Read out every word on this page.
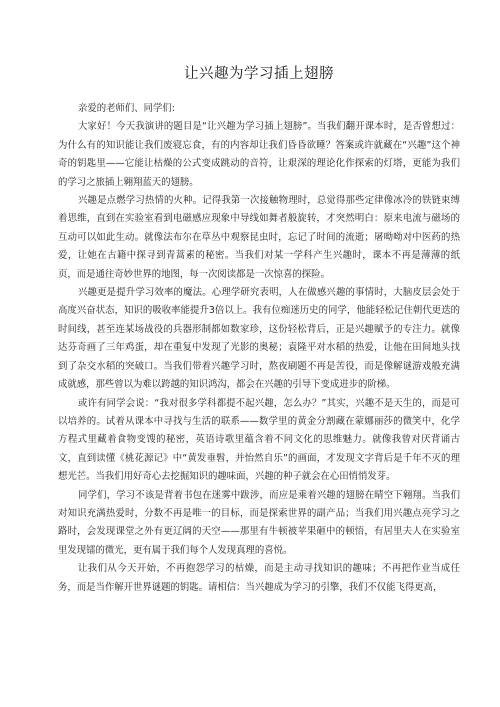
让兴趣为学习插上翅膀

亲爱的老师们、同学们:

大家好！今天我演讲的题目是“让兴趣为学习插上翅膀”。当我们翻开课本时，是否曾想过：为什么有的知识能让我们废寝忘食，有的内容却让我们昏昏欲睡？答案或许就藏在“兴趣”这个神奇的钥匙里——它能让枯燥的公式变成跳动的音符，让艰深的理论化作探索的灯塔，更能为我们的学习之旅插上翱翔蓝天的翅膀。

兴趣是点燃学习热情的火种。记得我第一次接触物理时，总觉得那些定律像冰冷的铁链束缚着思维，直到在实验室看到电磁感应现象中导线如舞者般旋转，才突然明白：原来电流与磁场的互动可以如此生动。就像法布尔在草丛中观察昆虫时，忘记了时间的流逝；屠呦呦对中医药的热爱，让她在古籍中探寻到青蒿素的秘密。当我们对某一学科产生兴趣时，课本不再是薄薄的纸页，而是通往奇妙世界的地图，每一次阅读都是一次惊喜的探险。

兴趣更是提升学习效率的魔法。心理学研究表明，人在做感兴趣的事情时，大脑皮层会处于高度兴奋状态，知识的吸收率能提升3倍以上。我有位痴迷历史的同学，他能轻松记住朝代更迭的时间线，甚至连某场战役的兵器形制都如数家珍，这份轻松背后，正是兴趣赋予的专注力。就像达芬奇画了三年鸡蛋，却在重复中发现了光影的奥秘；袁隆平对水稻的热爱，让他在田间地头找到了杂交水稻的突破口。当我们带着兴趣学习时，熬夜刷题不再是苦役，而是像解谜游戏般充满成就感，那些曾以为难以跨越的知识鸿沟，都会在兴趣的引导下变成进步的阶梯。

或许有同学会说：“我对很多学科都提不起兴趣，怎么办？”其实，兴趣不是天生的，而是可以培养的。试着从课本中寻找与生活的联系——数学里的黄金分割藏在蒙娜丽莎的微笑中，化学方程式里藏着食物变馊的秘密，英语诗歌里蕴含着不同文化的思维魅力。就像我曾对厌背诵古文，直到读懂《桃花源记》中“黄发垂髫，并怡然自乐”的画面，才发现文字背后是千年不灭的理想光芒。当我们用好奇心去挖掘知识的趣味面，兴趣的种子就会在心田悄悄发芽。

同学们，学习不该是背着书包在迷雾中跋涉，而应是乘着兴趣的翅膀在晴空下翱翔。当我们对知识充满热爱时，分数不再是唯一的目标，而是探索世界的副产品；当我们用兴趣点亮学习之路时，会发现课堂之外有更辽阔的天空——那里有牛顿被苹果砸中的顿悟，有居里夫人在实验室里发现镭的微光，更有属于我们每个人发现真理的喜悦。

让我们从今天开始，不再抱怨学习的枯燥，而是主动寻找知识的趣味；不再把作业当成任务，而是当作解开世界谜题的钥匙。请相信：当兴趣成为学习的引擎，我们不仅能飞得更高，
